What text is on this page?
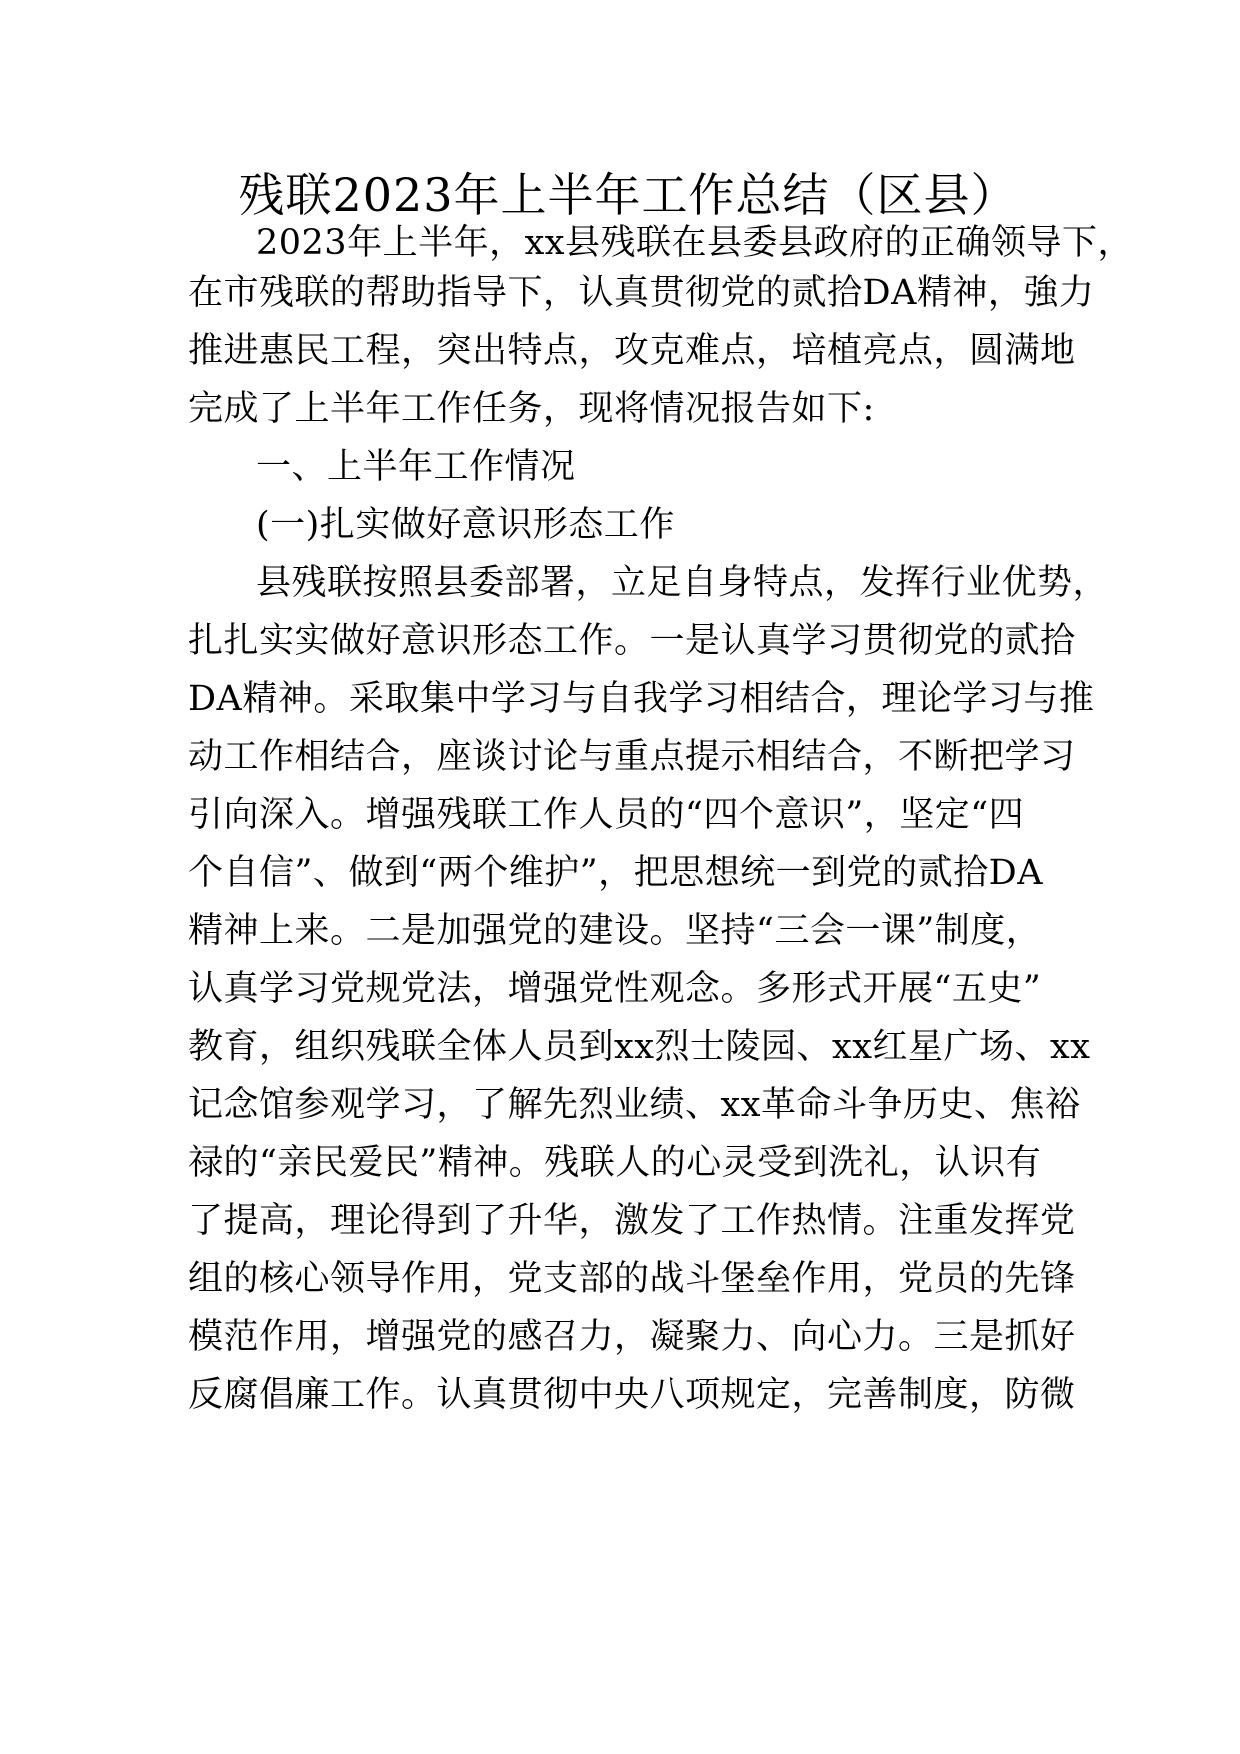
残联2023年上半年工作总结（区县）
2023年上半年，xx县残联在县委县政府的正确领导下，
在市残联的帮助指导下，认真贯彻党的贰拾DA精神，強力
推进惠民工程，突出特点，攻克难点，培植亮点，圆满地
完成了上半年工作任务，现将情况报告如下:
一、上半年工作情况
(一)扎实做好意识形态工作
县残联按照县委部署，立足自身特点，发挥行业优势，
扎扎实实做好意识形态工作。一是认真学习贯彻党的贰拾
DA精神。采取集中学习与自我学习相结合，理论学习与推
动工作相结合，座谈讨论与重点提示相结合，不断把学习
引向深入。增强残联工作人员的“四个意识”，坚定“四
个自信”、做到“两个维护”，把思想统一到党的贰拾DA
精神上来。二是加强党的建设。坚持“三会一课”制度，
认真学习党规党法，增强党性观念。多形式开展“五史”
教育，组织残联全体人员到xx烈士陵园、xx红星广场、xx
记念馆参观学习，了解先烈业绩、xx革命斗争历史、焦裕
禄的“亲民爱民”精神。残联人的心灵受到洗礼，认识有
了提高，理论得到了升华，激发了工作热情。注重发挥党
组的核心领导作用，党支部的战斗堡垒作用，党员的先锋
模范作用，增强党的感召力，凝聚力、向心力。三是抓好
反腐倡廉工作。认真贯彻中央八项规定，完善制度，防微
